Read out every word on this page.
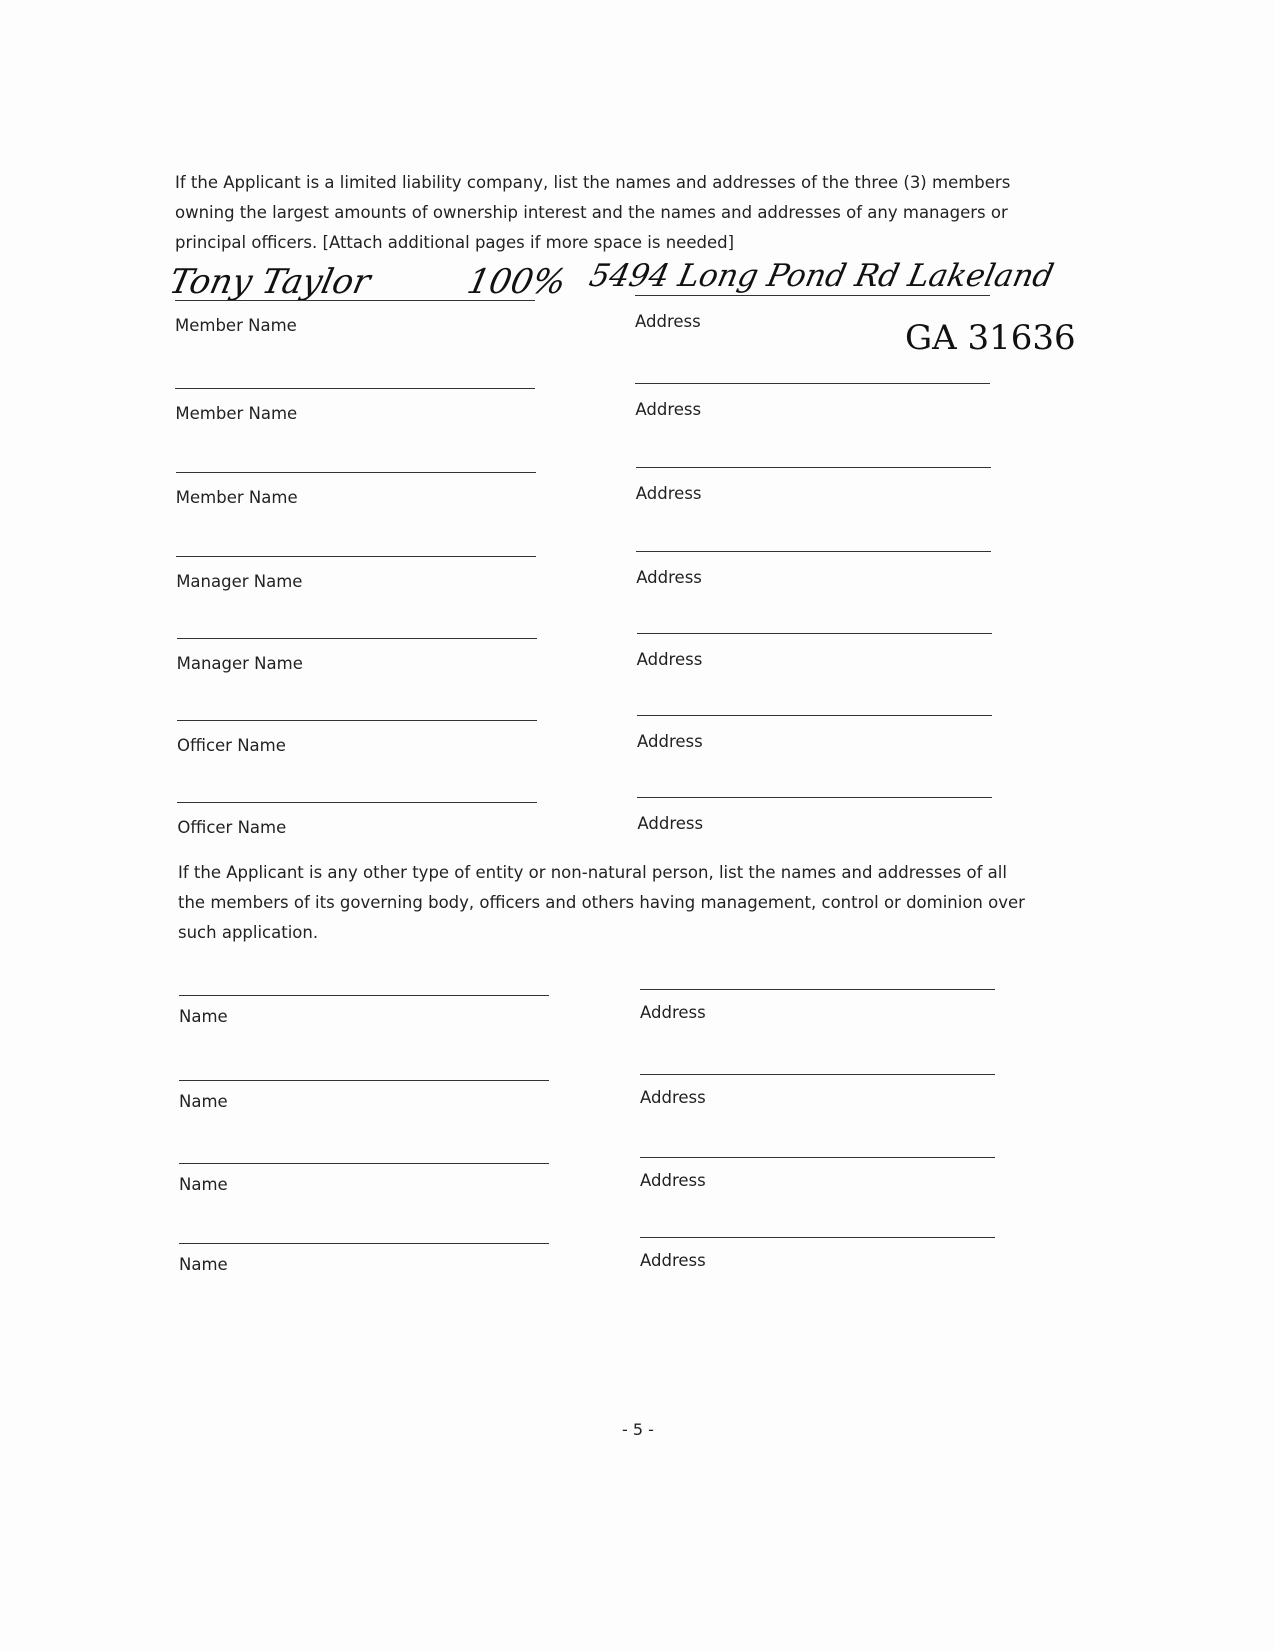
If the Applicant is a limited liability company, list the names and addresses of the three (3) members owning the largest amounts of ownership interest and the names and addresses of any managers or principal officers. [Attach additional pages if more space is needed]
Tony Taylor	100% 5494 Long Pond Rd Lakeland
GA 31636
Member Name	Address
Member Name	Address
Member Name	Address
Manager Name	Address
Manager Name	Address
Officer Name	Address
Officer Name	Address
If the Applicant is any other type of entity or non-natural person, list the names and addresses of all the members of its governing body, officers and others having management, control or dominion over such application.
Name	Address
Name	Address
Name	Address
Name	Address
- 5 -
